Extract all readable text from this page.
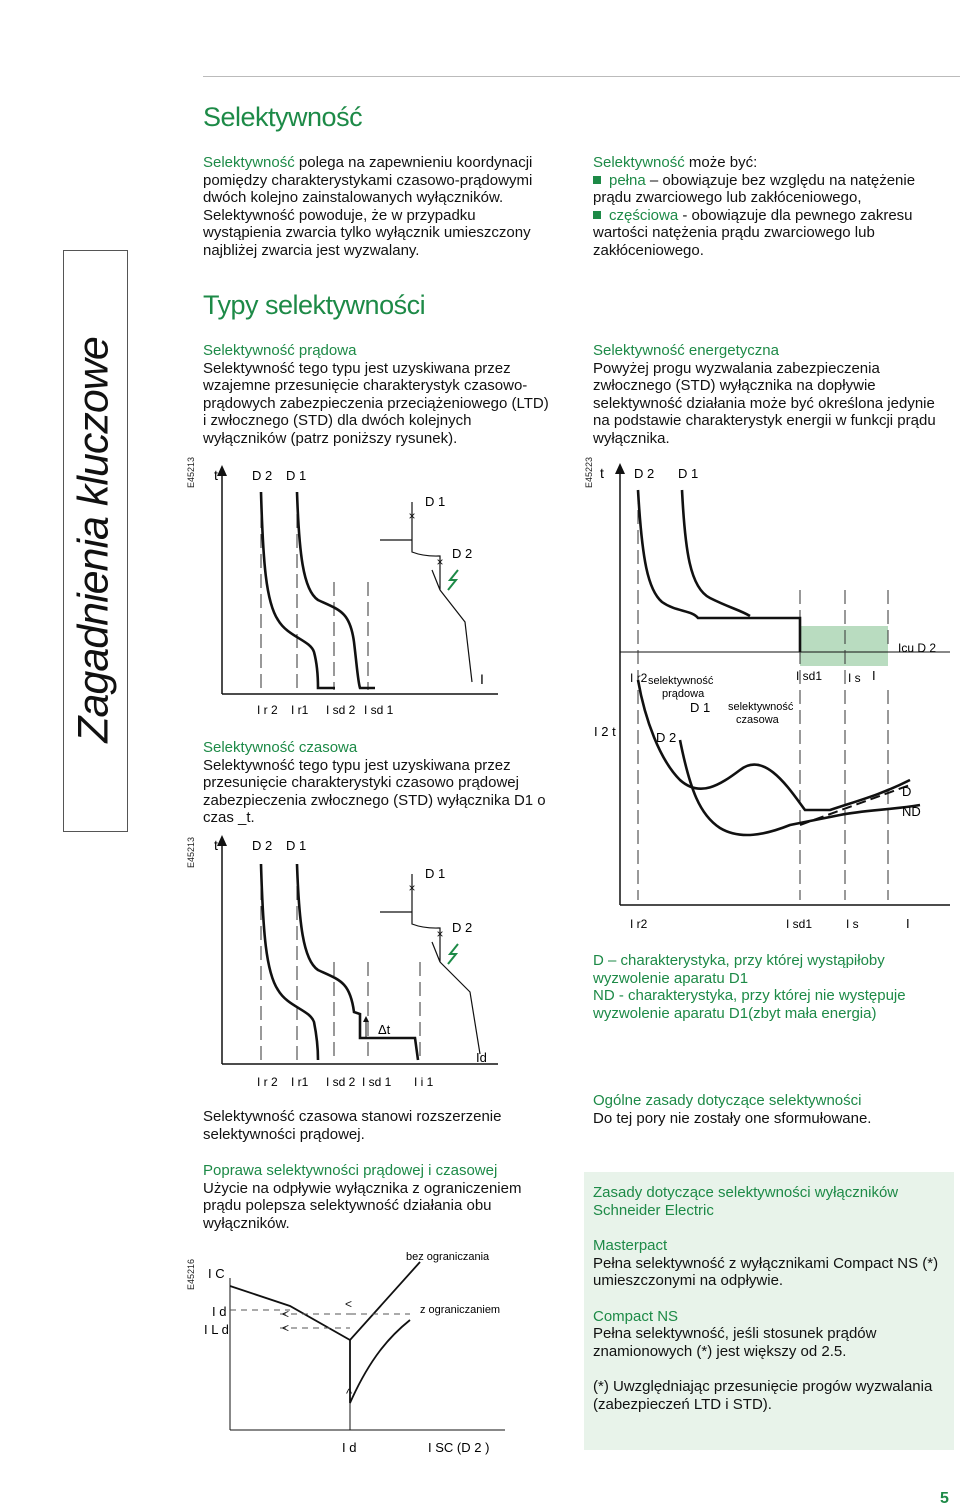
Zagadnienia kluczowe
Selektywność
Selektywność polega na zapewnieniu koordynacji
pomiędzy charakterystykami czasowo-prądowymi
dwóch kolejno zainstalowanych wyłączników.
Selektywność powoduje, że w przypadku
wystąpienia zwarcia tylko wyłącznik umieszczony
najbliżej zwarcia jest wyzwalany.
Typy selektywności
Selektywność prądowa
Selektywność tego typu jest uzyskiwana przez
wzajemne przesunięcie charakterystyk czasowo-
prądowych zabezpieczenia przeciążeniowego (LTD)
i zwłocznego (STD) dla dwóch kolejnych
wyłączników (patrz poniższy rysunek).
E45213 t	D 2 D 1
×
×
D 1
D 2
I
I r 2 I r1 I sd 2 I sd 1
Selektywność czasowa
Selektywność tego typu jest uzyskiwana przez
przesunięcie charakterystyki czasowo prądowej
zabezpieczenia zwłocznego (STD) wyłącznika D1 o
czas _t.
E45213 t	D 2 D 1
Δt
×
×
D 1
D 2
Id
I r 2 I r1 I sd 2 I sd 1 I i 1
Selektywność czasowa stanowi rozszerzenie
selektywności prądowej.
Poprawa selektywności prądowej i czasowej
Użycie na odpływie wyłącznika z ograniczeniem
prądu polepsza selektywność działania obu
wyłączników.
E45216
<
<
<
^
bez ograniczania
z ograniczaniem
I C
I d
I L d
I d	I SC (D 2 )
Selektywność może być:
pełna – obowiązuje bez względu na natężenie
prądu zwarciowego lub zakłóceniowego,
częściowa - obowiązuje dla pewnego zakresu
wartości natężenia prądu zwarciowego lub
zakłóceniowego.
Selektywność energetyczna
Powyżej progu wyzwalania zabezpieczenia
zwłocznego (STD) wyłącznika na dopływie
selektywność działania może być określona jedynie
na podstawie charakterystyk energii w funkcji prądu
wyłącznika.
E45223 t D 2 D 1
I r2 selektywność
prądowa
D 1
D 2
selektywność
czasowa
I sd1 I s I
Icu D 2
I 2 t
D
ND
I r2	I sd1	I s	I
D – charakterystyka, przy której wystąpiłoby
wyzwolenie aparatu D1
ND - charakterystyka, przy której nie występuje
wyzwolenie aparatu D1(zbyt mała energia)
Ogólne zasady dotyczące selektywności
Do tej pory nie zostały one sformułowane.
Zasady dotyczące selektywności wyłączników
Schneider Electric
Masterpact
Pełna selektywność z wyłącznikami Compact NS (*)
umieszczonymi na odpływie.
Compact NS
Pełna selektywność, jeśli stosunek prądów
znamionowych (*) jest większy od 2.5.
(*) Uwzględniając przesunięcie progów wyzwalania
(zabezpieczeń LTD i STD).
5
